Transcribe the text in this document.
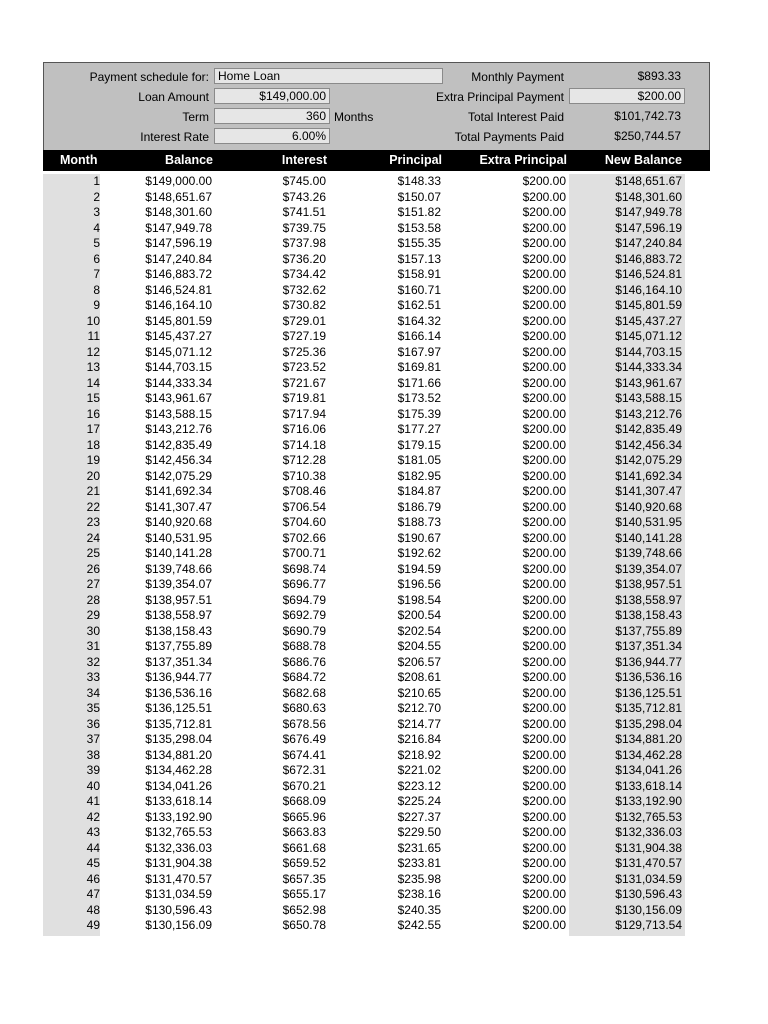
Payment schedule for: Home Loan
Loan Amount	$149,000.00
Term	360 Months
Interest Rate	6.00%
Monthly Payment	$893.33
Extra Principal Payment	$200.00
Total Interest Paid	$101,742.73
Total Payments Paid	$250,744.57
Month	Balance	Interest	Principal	Extra Principal	New Balance
1	$149,000.00	$745.00	$148.33	$200.00	$148,651.67
2	$148,651.67	$743.26	$150.07	$200.00	$148,301.60
3	$148,301.60	$741.51	$151.82	$200.00	$147,949.78
4	$147,949.78	$739.75	$153.58	$200.00	$147,596.19
5	$147,596.19	$737.98	$155.35	$200.00	$147,240.84
6	$147,240.84	$736.20	$157.13	$200.00	$146,883.72
7	$146,883.72	$734.42	$158.91	$200.00	$146,524.81
8	$146,524.81	$732.62	$160.71	$200.00	$146,164.10
9	$146,164.10	$730.82	$162.51	$200.00	$145,801.59
10	$145,801.59	$729.01	$164.32	$200.00	$145,437.27
11	$145,437.27	$727.19	$166.14	$200.00	$145,071.12
12	$145,071.12	$725.36	$167.97	$200.00	$144,703.15
13	$144,703.15	$723.52	$169.81	$200.00	$144,333.34
14	$144,333.34	$721.67	$171.66	$200.00	$143,961.67
15	$143,961.67	$719.81	$173.52	$200.00	$143,588.15
16	$143,588.15	$717.94	$175.39	$200.00	$143,212.76
17	$143,212.76	$716.06	$177.27	$200.00	$142,835.49
18	$142,835.49	$714.18	$179.15	$200.00	$142,456.34
19	$142,456.34	$712.28	$181.05	$200.00	$142,075.29
20	$142,075.29	$710.38	$182.95	$200.00	$141,692.34
21	$141,692.34	$708.46	$184.87	$200.00	$141,307.47
22	$141,307.47	$706.54	$186.79	$200.00	$140,920.68
23	$140,920.68	$704.60	$188.73	$200.00	$140,531.95
24	$140,531.95	$702.66	$190.67	$200.00	$140,141.28
25	$140,141.28	$700.71	$192.62	$200.00	$139,748.66
26	$139,748.66	$698.74	$194.59	$200.00	$139,354.07
27	$139,354.07	$696.77	$196.56	$200.00	$138,957.51
28	$138,957.51	$694.79	$198.54	$200.00	$138,558.97
29	$138,558.97	$692.79	$200.54	$200.00	$138,158.43
30	$138,158.43	$690.79	$202.54	$200.00	$137,755.89
31	$137,755.89	$688.78	$204.55	$200.00	$137,351.34
32	$137,351.34	$686.76	$206.57	$200.00	$136,944.77
33	$136,944.77	$684.72	$208.61	$200.00	$136,536.16
34	$136,536.16	$682.68	$210.65	$200.00	$136,125.51
35	$136,125.51	$680.63	$212.70	$200.00	$135,712.81
36	$135,712.81	$678.56	$214.77	$200.00	$135,298.04
37	$135,298.04	$676.49	$216.84	$200.00	$134,881.20
38	$134,881.20	$674.41	$218.92	$200.00	$134,462.28
39	$134,462.28	$672.31	$221.02	$200.00	$134,041.26
40	$134,041.26	$670.21	$223.12	$200.00	$133,618.14
41	$133,618.14	$668.09	$225.24	$200.00	$133,192.90
42	$133,192.90	$665.96	$227.37	$200.00	$132,765.53
43	$132,765.53	$663.83	$229.50	$200.00	$132,336.03
44	$132,336.03	$661.68	$231.65	$200.00	$131,904.38
45	$131,904.38	$659.52	$233.81	$200.00	$131,470.57
46	$131,470.57	$657.35	$235.98	$200.00	$131,034.59
47	$131,034.59	$655.17	$238.16	$200.00	$130,596.43
48	$130,596.43	$652.98	$240.35	$200.00	$130,156.09
49	$130,156.09	$650.78	$242.55	$200.00	$129,713.54
